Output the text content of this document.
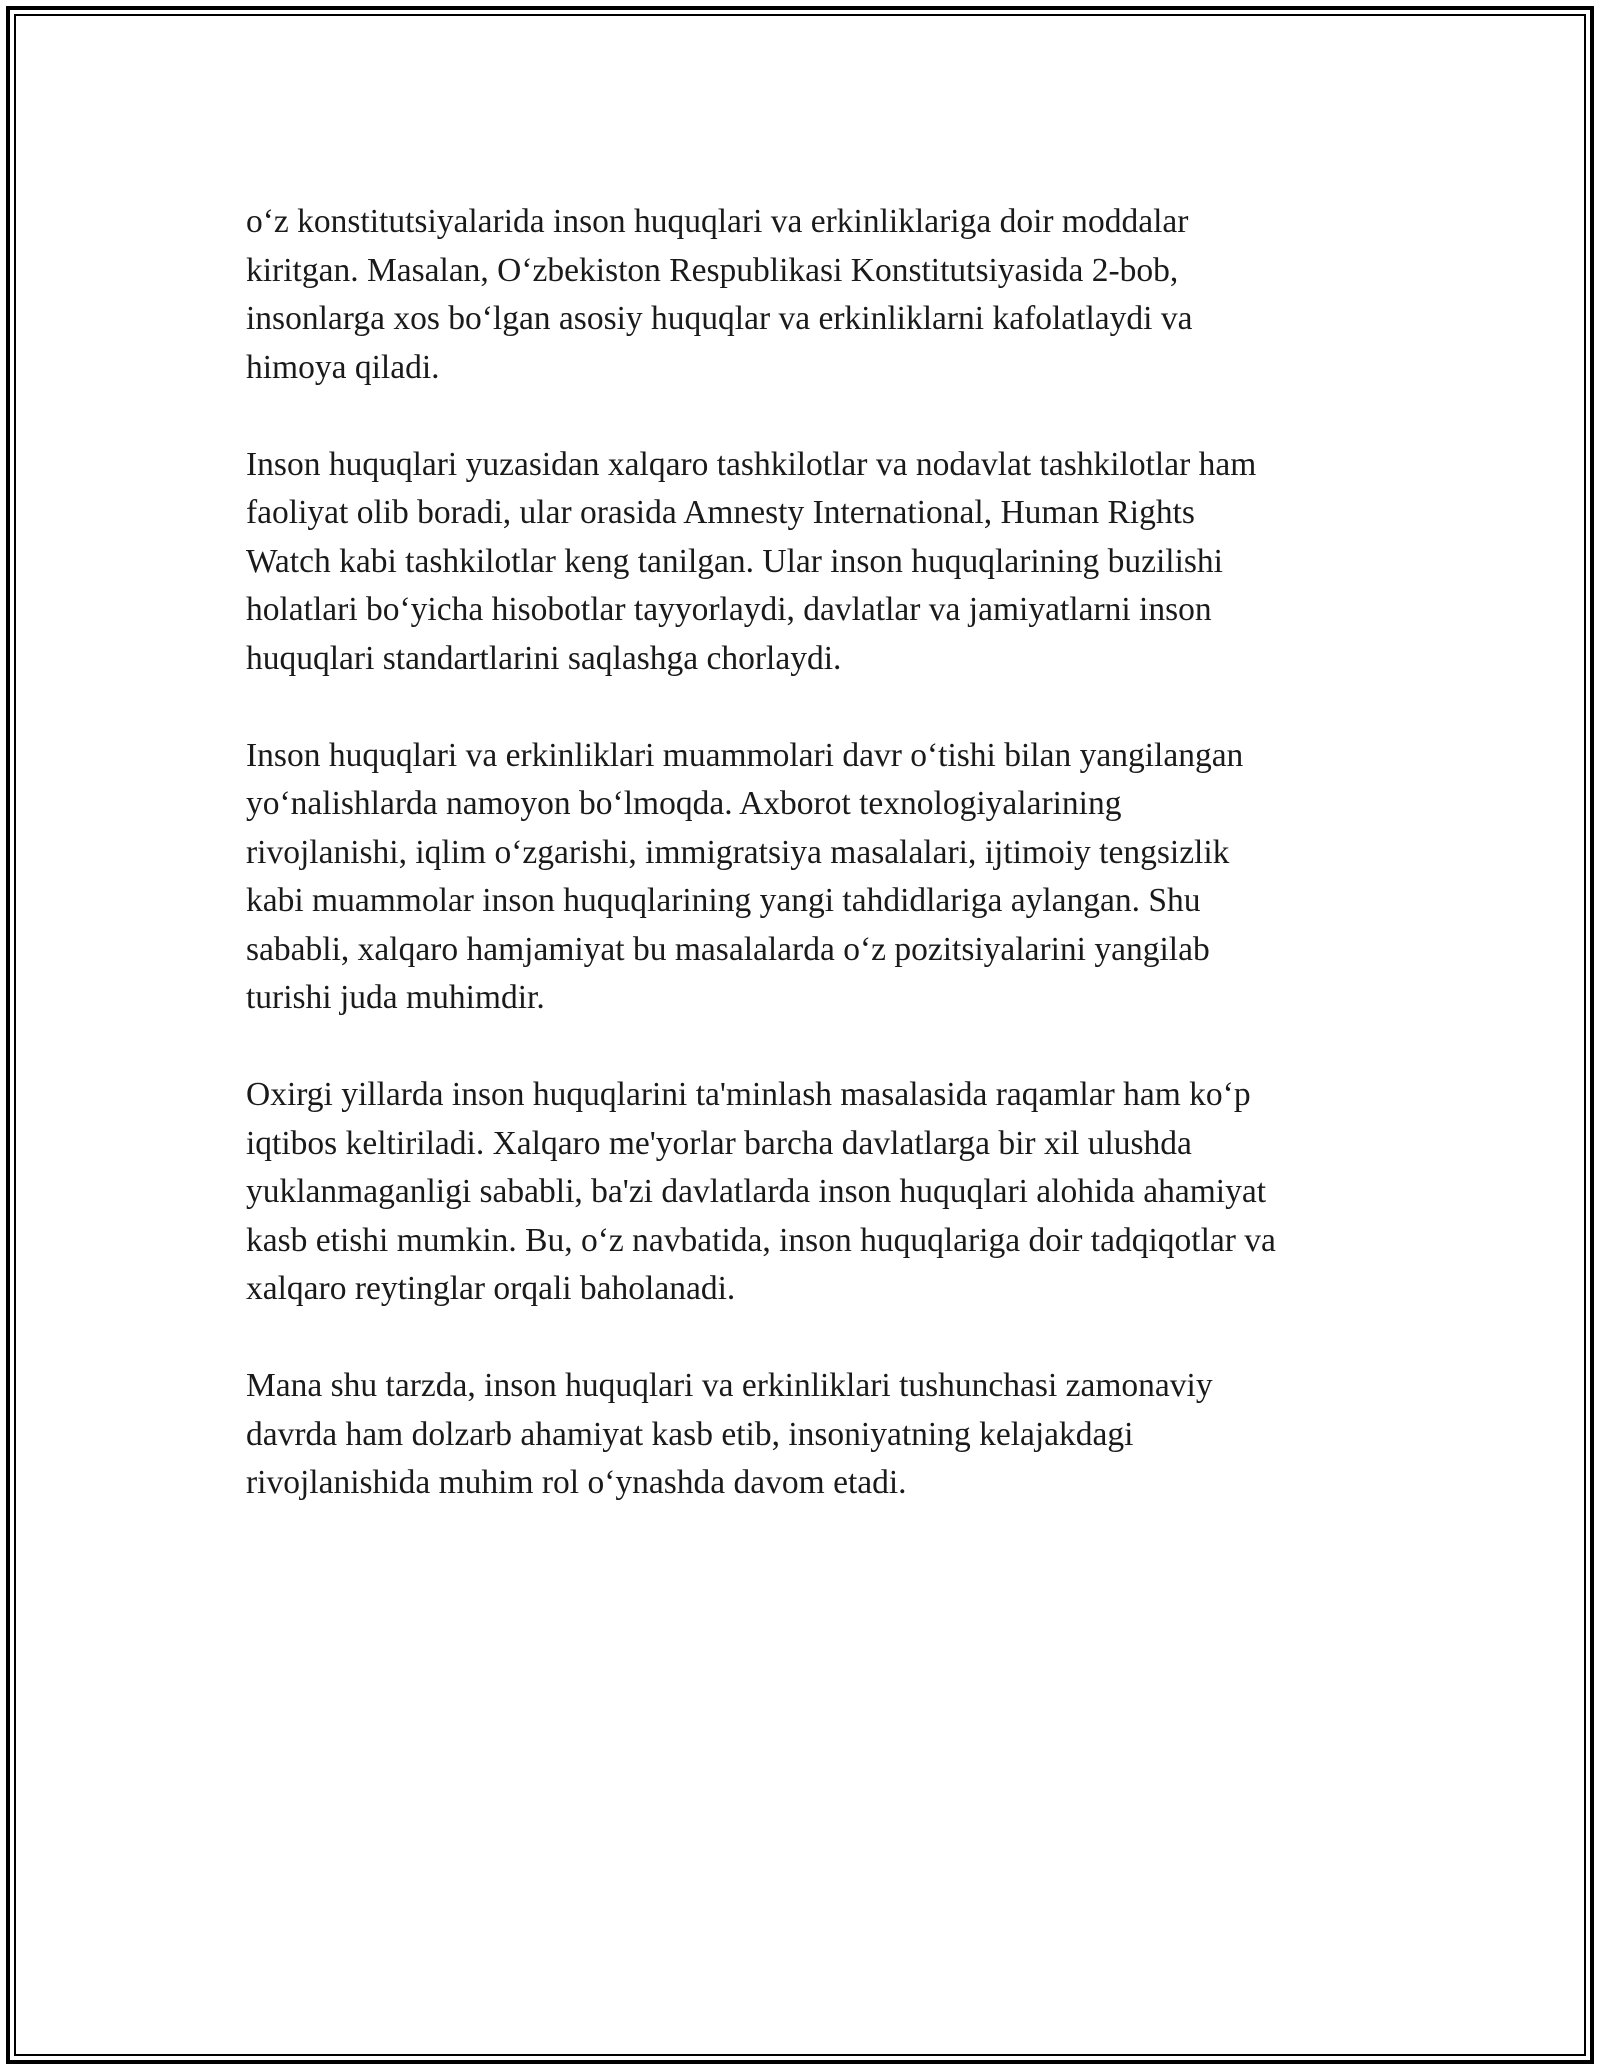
o‘z konstitutsiyalarida inson huquqlari va erkinliklariga doir moddalar
kiritgan. Masalan, O‘zbekiston Respublikasi Konstitutsiyasida 2-bob,
insonlarga xos bo‘lgan asosiy huquqlar va erkinliklarni kafolatlaydi va
himoya qiladi.

Inson huquqlari yuzasidan xalqaro tashkilotlar va nodavlat tashkilotlar ham
faoliyat olib boradi, ular orasida Amnesty International, Human Rights
Watch kabi tashkilotlar keng tanilgan. Ular inson huquqlarining buzilishi
holatlari bo‘yicha hisobotlar tayyorlaydi, davlatlar va jamiyatlarni inson
huquqlari standartlarini saqlashga chorlaydi.

Inson huquqlari va erkinliklari muammolari davr o‘tishi bilan yangilangan
yo‘nalishlarda namoyon bo‘lmoqda. Axborot texnologiyalarining
rivojlanishi, iqlim o‘zgarishi, immigratsiya masalalari, ijtimoiy tengsizlik
kabi muammolar inson huquqlarining yangi tahdidlariga aylangan. Shu
sababli, xalqaro hamjamiyat bu masalalarda o‘z pozitsiyalarini yangilab
turishi juda muhimdir.

Oxirgi yillarda inson huquqlarini ta'minlash masalasida raqamlar ham ko‘p
iqtibos keltiriladi. Xalqaro me'yorlar barcha davlatlarga bir xil ulushda
yuklanmaganligi sababli, ba'zi davlatlarda inson huquqlari alohida ahamiyat
kasb etishi mumkin. Bu, o‘z navbatida, inson huquqlariga doir tadqiqotlar va
xalqaro reytinglar orqali baholanadi.

Mana shu tarzda, inson huquqlari va erkinliklari tushunchasi zamonaviy
davrda ham dolzarb ahamiyat kasb etib, insoniyatning kelajakdagi
rivojlanishida muhim rol o‘ynashda davom etadi.
